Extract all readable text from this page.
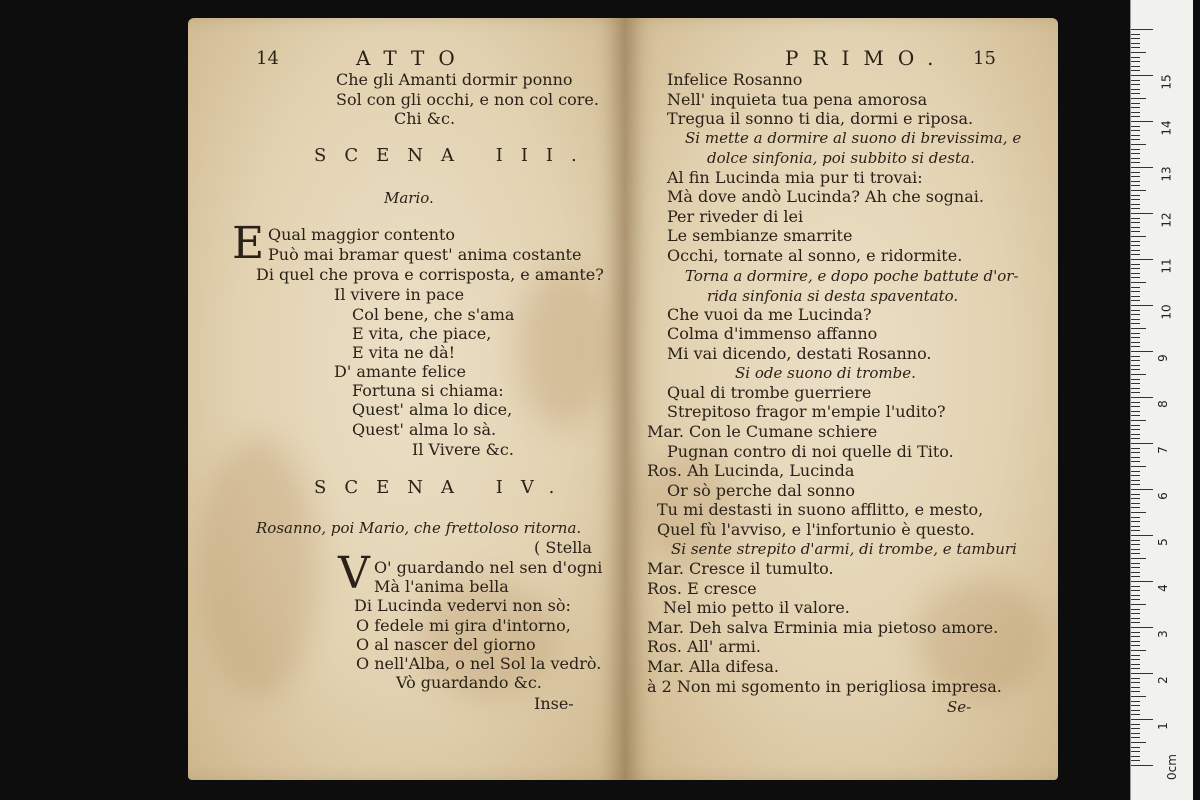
14	ATTO
Che gli Amanti dormir ponno
Sol con gli occhi, e non col core.
Chi &c.
SCENA III.
Mario.
E Qual maggior contento
Può mai bramar quest' anima costante
Di quel che prova e corrisposta, e amante?
Il vivere in pace
Col bene, che s'ama
E vita, che piace,
E vita ne dà!
D' amante felice
Fortuna si chiama:
Quest' alma lo dice,
Quest' alma lo sà.
Il Vivere &c.
SCENA IV.
Rosanno, poi Mario, che frettoloso ritorna.
( Stella
V O' guardando nel sen d'ogni
Mà l'anima bella
Di Lucinda vedervi non sò:
O fedele mi gira d'intorno,
O al nascer del giorno
O nell'Alba, o nel Sol la vedrò.
Vò guardando &c.
Inse-
PRIMO. 15
Infelice Rosanno
Nell' inquieta tua pena amorosa
Tregua il sonno ti dia, dormi e riposa.
Si mette a dormire al suono di brevissima, e
dolce sinfonia, poi subbito si desta.
Al fin Lucinda mia pur ti trovai:
Mà dove andò Lucinda? Ah che sognai.
Per riveder di lei
Le sembianze smarrite
Occhi, tornate al sonno, e ridormite.
Torna a dormire, e dopo poche battute d'or-
rida sinfonia si desta spaventato.
Che vuoi da me Lucinda?
Colma d'immenso affanno
Mi vai dicendo, destati Rosanno.
Si ode suono di trombe.
Qual di trombe guerriere
Strepitoso fragor m'empie l'udito?
Mar. Con le Cumane schiere
Pugnan contro di noi quelle di Tito.
Ros. Ah Lucinda, Lucinda
Or sò perche dal sonno
Tu mi destasti in suono afflitto, e mesto,
Quel fù l'avviso, e l'infortunio è questo.
Si sente strepito d'armi, di trombe, e tamburi
Mar. Cresce il tumulto.
Ros. E cresce
Nel mio petto il valore.
Mar. Deh salva Erminia mia pietoso amore.
Ros. All' armi.
Mar. Alla difesa.
à 2 Non mi sgomento in perigliosa impresa.
Se-
0cm
1
2
3
4
5
6
7
8
9
10
11
12
13
14
15
